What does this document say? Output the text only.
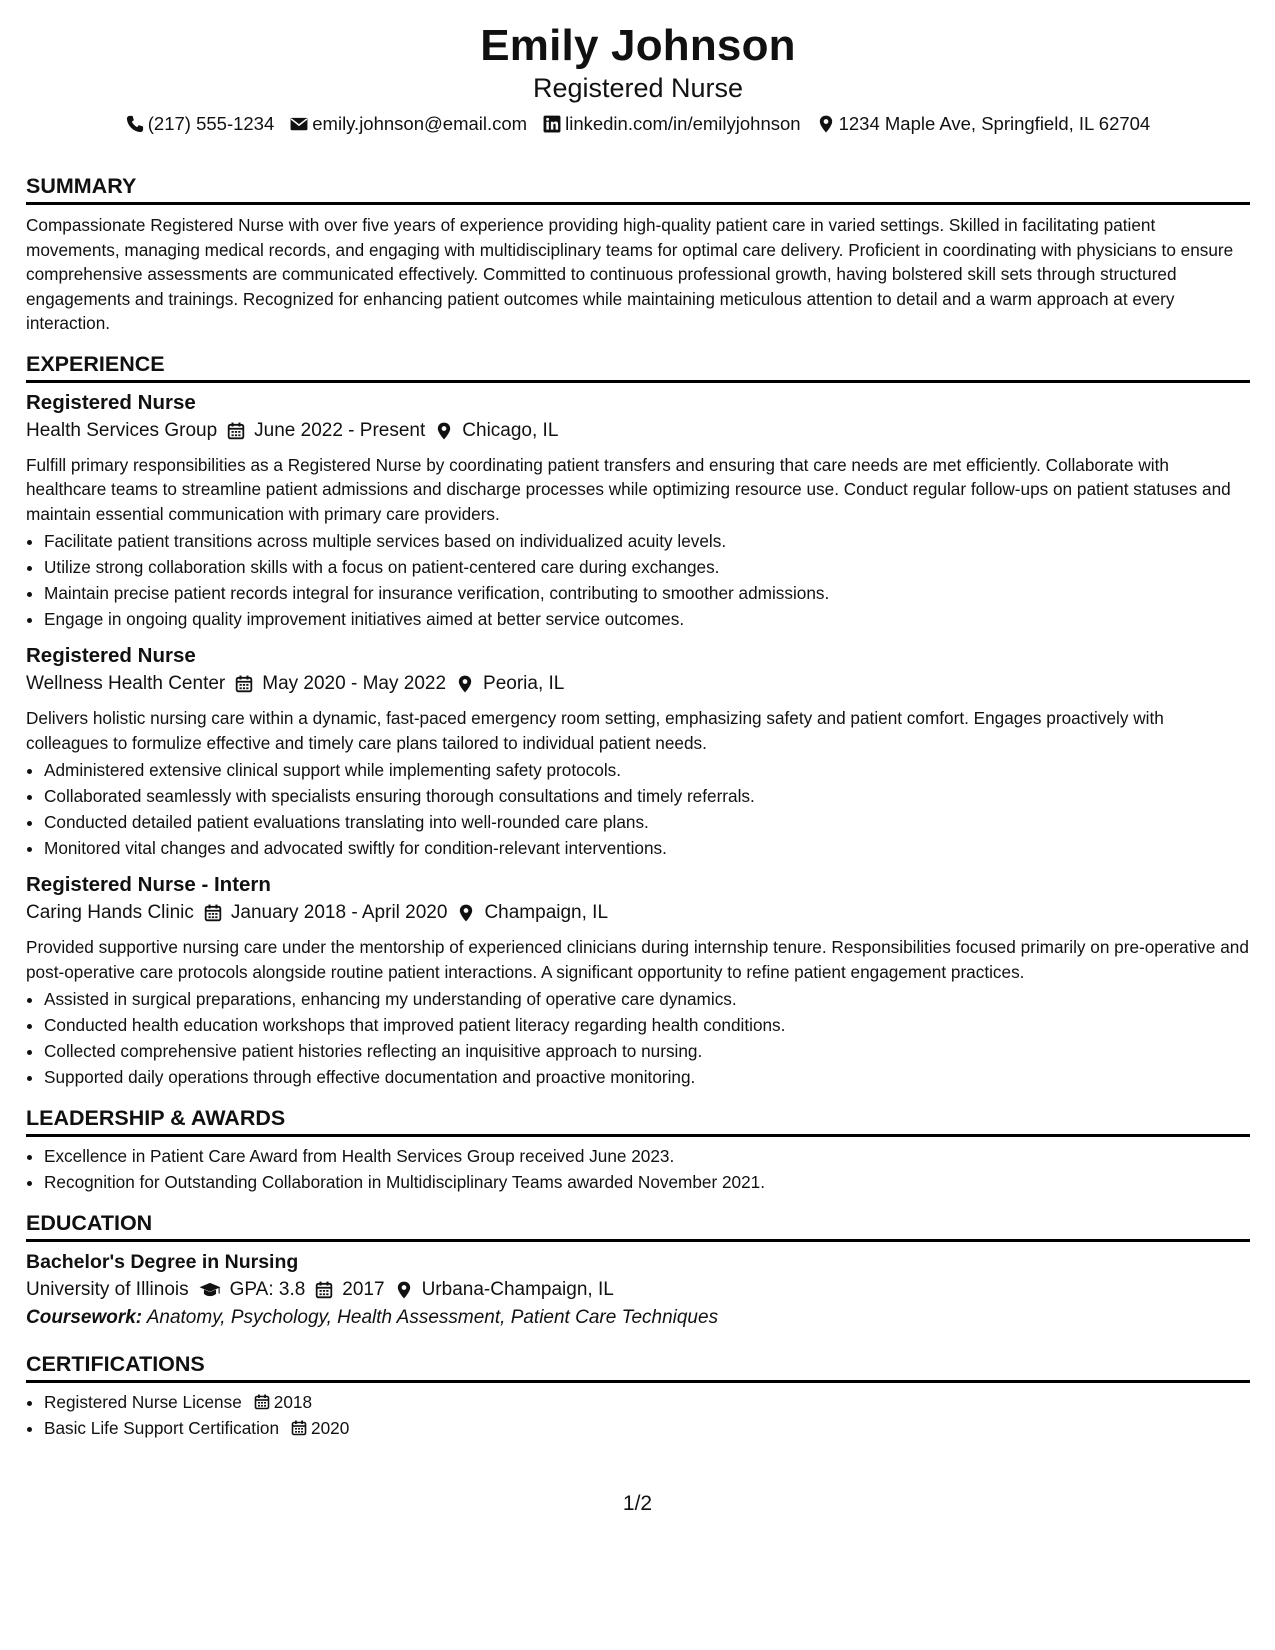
Emily Johnson
Registered Nurse
(217) 555-1234 emily.johnson@email.com linkedin.com/in/emilyjohnson 1234 Maple Ave, Springfield, IL 62704
SUMMARY
Compassionate Registered Nurse with over five years of experience providing high-quality patient care in varied settings. Skilled in facilitating patient movements, managing medical records, and engaging with multidisciplinary teams for optimal care delivery. Proficient in coordinating with physicians to ensure comprehensive assessments are communicated effectively. Committed to continuous professional growth, having bolstered skill sets through structured engagements and trainings. Recognized for enhancing patient outcomes while maintaining meticulous attention to detail and a warm approach at every interaction.
EXPERIENCE
Registered Nurse
Health Services Group June 2022 - Present Chicago, IL
Fulfill primary responsibilities as a Registered Nurse by coordinating patient transfers and ensuring that care needs are met efficiently. Collaborate with healthcare teams to streamline patient admissions and discharge processes while optimizing resource use. Conduct regular follow-ups on patient statuses and maintain essential communication with primary care providers.
• Facilitate patient transitions across multiple services based on individualized acuity levels.
• Utilize strong collaboration skills with a focus on patient-centered care during exchanges.
• Maintain precise patient records integral for insurance verification, contributing to smoother admissions.
• Engage in ongoing quality improvement initiatives aimed at better service outcomes.
Registered Nurse
Wellness Health Center May 2020 - May 2022 Peoria, IL
Delivers holistic nursing care within a dynamic, fast-paced emergency room setting, emphasizing safety and patient comfort. Engages proactively with colleagues to formulize effective and timely care plans tailored to individual patient needs.
• Administered extensive clinical support while implementing safety protocols.
• Collaborated seamlessly with specialists ensuring thorough consultations and timely referrals.
• Conducted detailed patient evaluations translating into well-rounded care plans.
• Monitored vital changes and advocated swiftly for condition-relevant interventions.
Registered Nurse - Intern
Caring Hands Clinic January 2018 - April 2020 Champaign, IL
Provided supportive nursing care under the mentorship of experienced clinicians during internship tenure. Responsibilities focused primarily on pre-operative and post-operative care protocols alongside routine patient interactions. A significant opportunity to refine patient engagement practices.
• Assisted in surgical preparations, enhancing my understanding of operative care dynamics.
• Conducted health education workshops that improved patient literacy regarding health conditions.
• Collected comprehensive patient histories reflecting an inquisitive approach to nursing.
• Supported daily operations through effective documentation and proactive monitoring.
LEADERSHIP & AWARDS
• Excellence in Patient Care Award from Health Services Group received June 2023.
• Recognition for Outstanding Collaboration in Multidisciplinary Teams awarded November 2021.
EDUCATION
Bachelor's Degree in Nursing
University of Illinois GPA: 3.8 2017 Urbana-Champaign, IL
Coursework: Anatomy, Psychology, Health Assessment, Patient Care Techniques
CERTIFICATIONS
• Registered Nurse License 2018
• Basic Life Support Certification 2020
1/2
